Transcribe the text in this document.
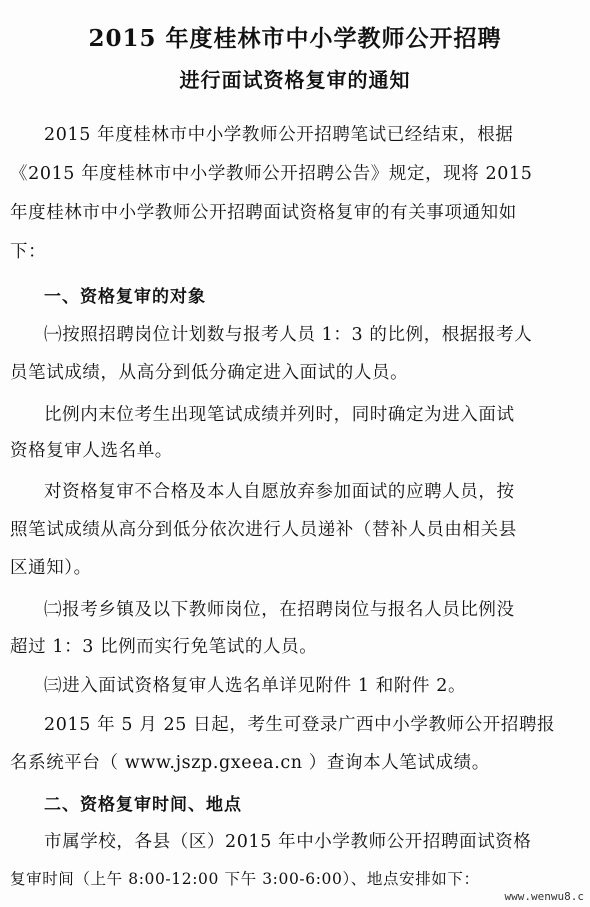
2015 年度桂林市中小学教师公开招聘
进行面试资格复审的通知
2015 年度桂林市中小学教师公开招聘笔试已经结束，根据
《2015 年度桂林市中小学教师公开招聘公告》规定，现将 2015
年度桂林市中小学教师公开招聘面试资格复审的有关事项通知如
下：
一、资格复审的对象
㈠按照招聘岗位计划数与报考人员 1：3 的比例，根据报考人
员笔试成绩，从高分到低分确定进入面试的人员。
比例内末位考生出现笔试成绩并列时，同时确定为进入面试
资格复审人选名单。
对资格复审不合格及本人自愿放弃参加面试的应聘人员，按
照笔试成绩从高分到低分依次进行人员递补（替补人员由相关县
区通知）。
㈡报考乡镇及以下教师岗位，在招聘岗位与报名人员比例没
超过 1：3 比例而实行免笔试的人员。
㈢进入面试资格复审人选名单详见附件 1 和附件 2。
2015 年 5 月 25 日起，考生可登录广西中小学教师公开招聘报
名系统平台（ www.jszp.gxeea.cn ）查询本人笔试成绩。
二、资格复审时间、地点
市属学校，各县（区）2015 年中小学教师公开招聘面试资格
复审时间（上午 8:00-12:00 下午 3:00-6:00）、地点安排如下：
www.wenwu8.c
